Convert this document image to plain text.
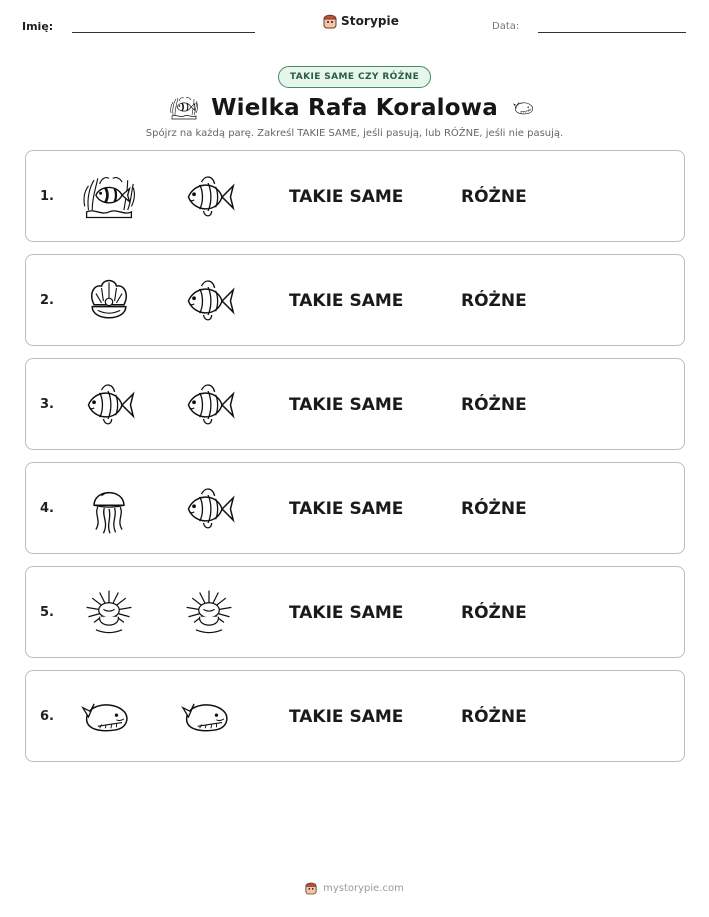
Imię:	Storypie	Data:
TAKIE SAME CZY RÓŻNE
Wielka Rafa Koralowa
Spójrz na każdą parę. Zakreśl TAKIE SAME, jeśli pasują, lub RÓŻNE, jeśli nie pasują.
1.	TAKIE SAME	RÓŻNE
2.	TAKIE SAME	RÓŻNE
3.	TAKIE SAME	RÓŻNE
4.	TAKIE SAME	RÓŻNE
5.	TAKIE SAME	RÓŻNE
6.	TAKIE SAME	RÓŻNE
mystorypie.com
